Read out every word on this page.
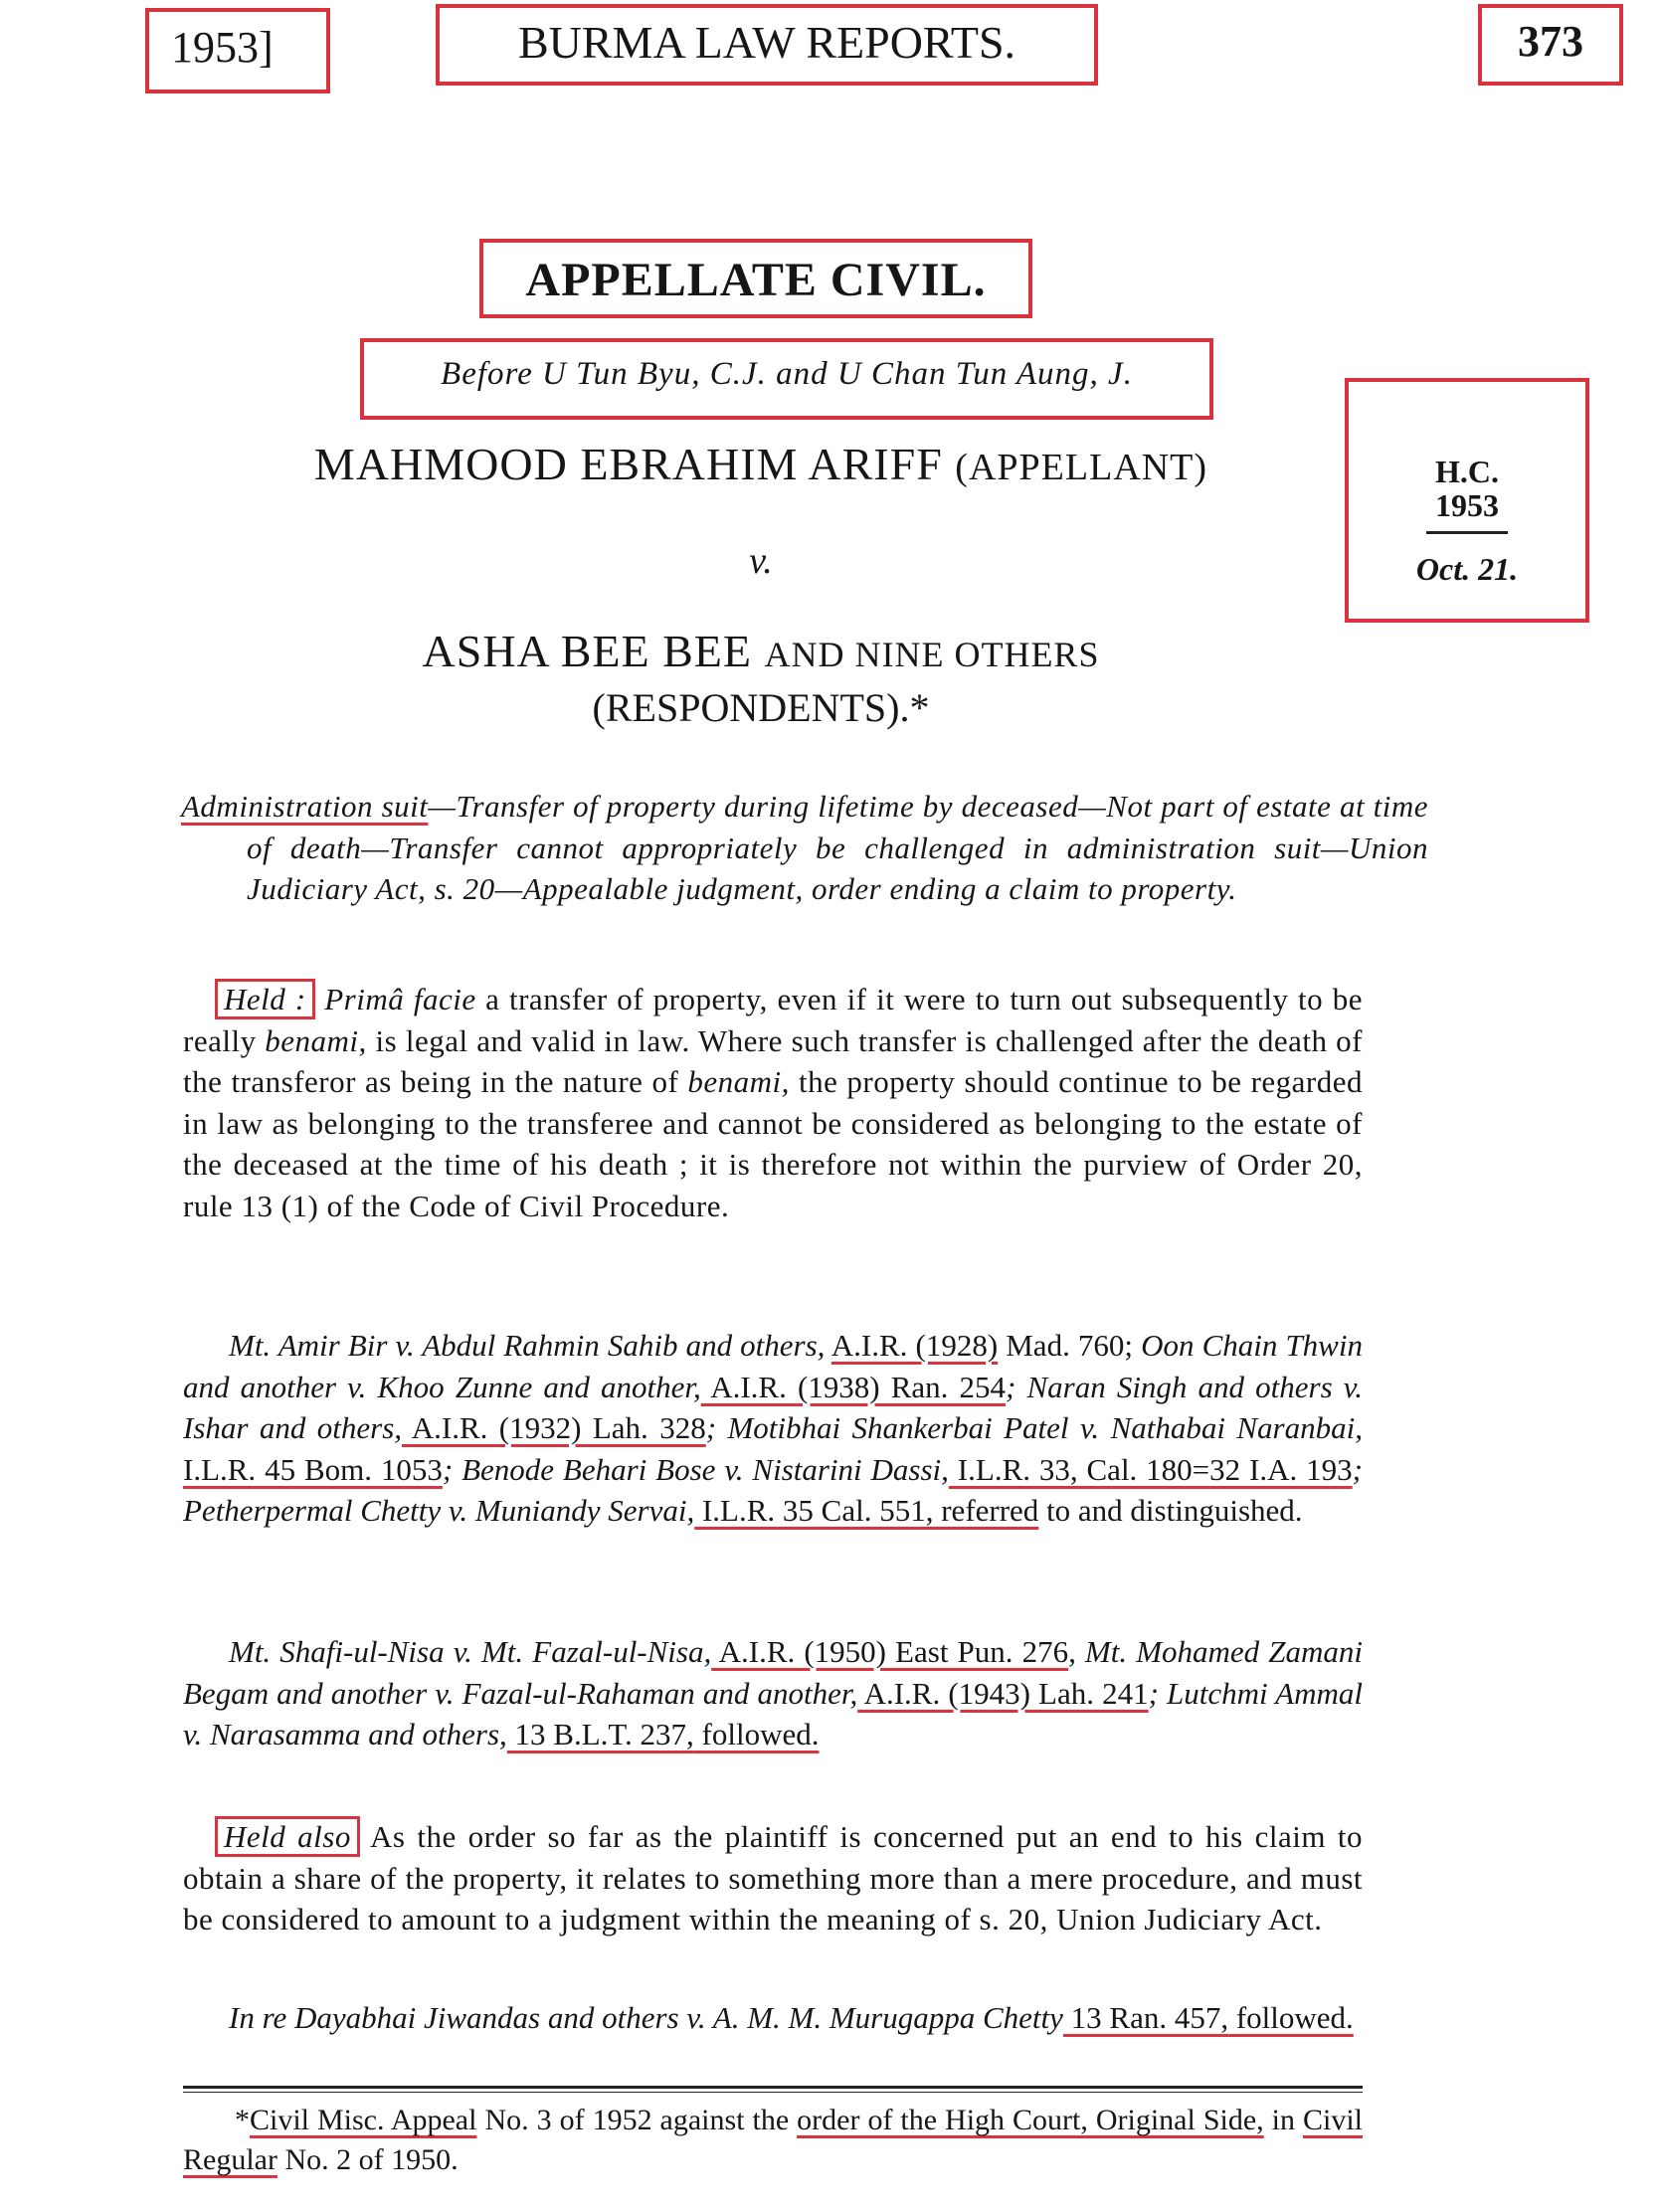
1953]	BURMA LAW REPORTS.	373
APPELLATE CIVIL.
Before U Tun Byu, C.J. and U Chan Tun Aung, J.
MAHMOOD EBRAHIM ARIFF (APPELLANT)
v.
ASHA BEE BEE AND NINE OTHERS
(RESPONDENTS).*
H.C.
1953
Oct. 21.
Administration suit—Transfer of property during lifetime by deceased—Not part of estate at time of death—Transfer cannot appropriately be challenged in administration suit—Union Judiciary Act, s. 20—Appealable judgment, order ending a claim to property.
Held : Primâ facie a transfer of property, even if it were to turn out subsequently to be really benami, is legal and valid in law. Where such transfer is challenged after the death of the transferor as being in the nature of benami, the property should continue to be regarded in law as belonging to the transferee and cannot be considered as belonging to the estate of the deceased at the time of his death ; it is therefore not within the purview of Order 20, rule 13 (1) of the Code of Civil Procedure.
Mt. Amir Bir v. Abdul Rahmin Sahib and others, A.I.R. (1928) Mad. 760; Oon Chain Thwin and another v. Khoo Zunne and another, A.I.R. (1938) Ran. 254; Naran Singh and others v. Ishar and others, A.I.R. (1932) Lah. 328; Motibhai Shankerbai Patel v. Nathabai Naranbai, I.L.R. 45 Bom. 1053; Benode Behari Bose v. Nistarini Dassi, I.L.R. 33, Cal. 180=32 I.A. 193; Petherpermal Chetty v. Muniandy Servai, I.L.R. 35 Cal. 551, referred to and distinguished.
Mt. Shafi-ul-Nisa v. Mt. Fazal-ul-Nisa, A.I.R. (1950) East Pun. 276, Mt. Mohamed Zamani Begam and another v. Fazal-ul-Rahaman and another, A.I.R. (1943) Lah. 241; Lutchmi Ammal v. Narasamma and others, 13 B.L.T. 237, followed.
Held also As the order so far as the plaintiff is concerned put an end to his claim to obtain a share of the property, it relates to something more than a mere procedure, and must be considered to amount to a judgment within the meaning of s. 20, Union Judiciary Act.
In re Dayabhai Jiwandas and others v. A. M. M. Murugappa Chetty 13 Ran. 457, followed.
*Civil Misc. Appeal No. 3 of 1952 against the order of the High Court, Original Side, in Civil Regular No. 2 of 1950.
